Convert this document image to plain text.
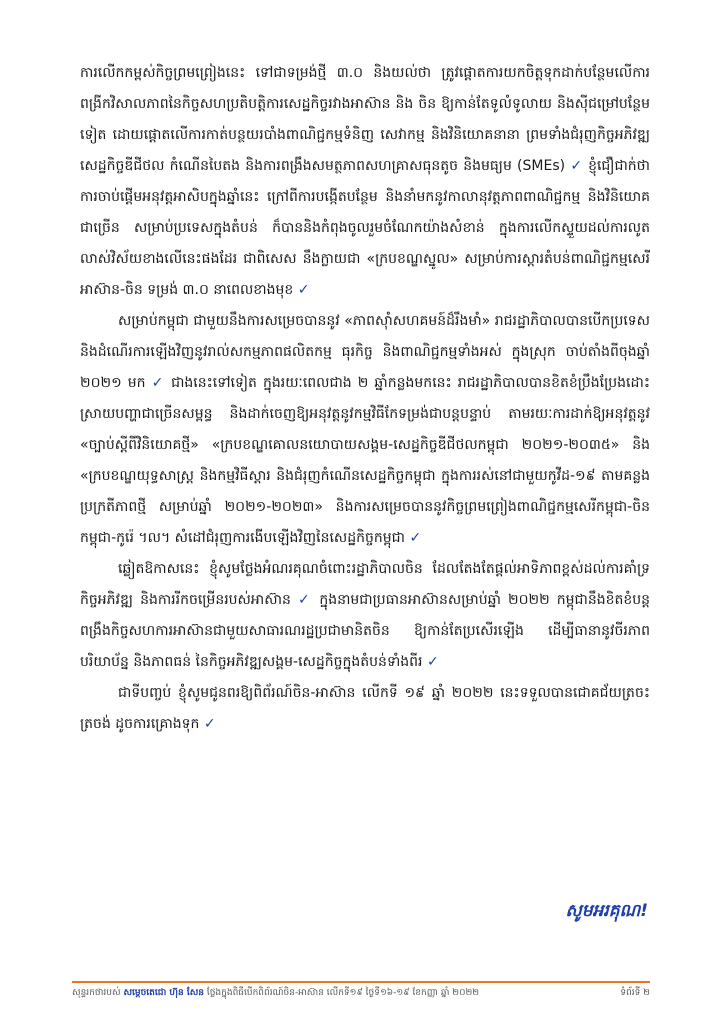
ការលើកកម្ពស់កិច្ចព្រមព្រៀងនេះ ទៅជាទម្រង់ថ្មី ៣.០ និងយល់ថា ត្រូវផ្តោតការយកចិត្តទុកដាក់បន្ថែមលើការពង្រីកវិសាលភាពនៃកិច្ចសហប្រតិបត្តិការសេដ្ឋកិច្ចរវាងអាស៊ាន និង ចិន ឱ្យកាន់តែទូលំទូលាយ និងស៊ីជម្រៅបន្ថែមទៀត ដោយផ្តោតលើការកាត់បន្ថយរបាំងពាណិជ្ជកម្មទំនិញ សេវាកម្ម និងវិនិយោគនានា ព្រមទាំងជំរុញកិច្ចអភិវឌ្ឍសេដ្ឋកិច្ចឌីជីថល កំណើនបៃតង និងការពង្រឹងសមត្ថភាពសហគ្រាសធុនតូច និងមធ្យម (SMEs) ✓ ខ្ញុំជឿជាក់ថា ការចាប់ផ្តើមអនុវត្តអាសិបក្នុងឆ្នាំនេះ ក្រៅពីការបង្កើតបន្ថែម និងនាំមកនូវកាលានុវត្តភាពពាណិជ្ជកម្ម និងវិនិយោគជាច្រើន សម្រាប់ប្រទេសក្នុងតំបន់ ក៏បាននិងកំពុងចូលរួមចំណែកយ៉ាងសំខាន់ ក្នុងការលើកស្ទួយដល់ការលូតលាស់វិស័យខាងលើនេះផងដែរ ជាពិសេស នឹងក្លាយជា «ក្របខណ្ឌស្នូល» សម្រាប់ការស្តារតំបន់ពាណិជ្ជកម្មសេរីអាស៊ាន-ចិន ទម្រង់ ៣.០ នាពេលខាងមុខ ✓

សម្រាប់កម្ពុជា ជាមួយនឹងការសម្រេចបាននូវ «ភាពស៊ាំសហគមន៍ដ៏រឹងមាំ» រាជរដ្ឋាភិបាលបានបើកប្រទេស និងដំណើរការឡើងវិញនូវរាល់សកម្មភាពផលិតកម្ម ធុរកិច្ច និងពាណិជ្ជកម្មទាំងអស់ ក្នុងស្រុក ចាប់តាំងពីចុងឆ្នាំ ២០២១ មក ✓ ជាងនេះទៅទៀត ក្នុងរយៈពេលជាង ២ ឆ្នាំកន្លងមកនេះ រាជរដ្ឋាភិបាលបានខិតខំប្រឹងប្រែងដោះស្រាយបញ្ហាជាច្រើនសម្ពន្ធ និងដាក់ចេញឱ្យអនុវត្តនូវកម្មវិធីកែទម្រង់ជាបន្តបន្ទាប់ តាមរយៈការដាក់ឱ្យអនុវត្តនូវ «ច្បាប់ស្តីពីវិនិយោគថ្មី» «ក្របខណ្ឌគោលនយោបាយសង្គម-សេដ្ឋកិច្ចឌីជីថលកម្ពុជា ២០២១-២០៣៥» និង «ក្របខណ្ឌយុទ្ធសាស្ត្រ និងកម្មវិធីស្តារ និងជំរុញកំណើនសេដ្ឋកិច្ចកម្ពុជា ក្នុងការរស់នៅជាមួយកូវីដ-១៩ តាមគន្លងប្រក្រតីភាពថ្មី សម្រាប់ឆ្នាំ ២០២១-២០២៣» និងការសម្រេចបាននូវកិច្ចព្រមព្រៀងពាណិជ្ជកម្មសេរីកម្ពុជា-ចិន កម្ពុជា-កូរ៉េ ។ល។ សំដៅជំរុញការងើបឡើងវិញនៃសេដ្ឋកិច្ចកម្ពុជា ✓

ឆ្លៀតឱកាសនេះ ខ្ញុំសូមថ្លែងអំណរគុណចំពោះរដ្ឋាភិបាលចិន ដែលតែងតែផ្តល់អាទិភាពខ្ពស់ដល់ការគាំទ្រកិច្ចអភិវឌ្ឍ និងការរីកចម្រើនរបស់អាស៊ាន ✓ ក្នុងនាមជាប្រធានអាស៊ានសម្រាប់ឆ្នាំ ២០២២ កម្ពុជានឹងខិតខំបន្តពង្រឹងកិច្ចសហការអាស៊ានជាមួយសាធារណរដ្ឋប្រជាមានិតចិន ឱ្យកាន់តែប្រសើរឡើង ដើម្បីធានានូវចីរភាព បរិយាប័ន្ន និងភាពធន់ នៃកិច្ចអភិវឌ្ឍសង្គម-សេដ្ឋកិច្ចក្នុងតំបន់ទាំងពីរ ✓

ជាទីបញ្ចប់ ខ្ញុំសូមជូនពរឱ្យពិព័រណ៍ចិន-អាស៊ាន លើកទី ១៩ ឆ្នាំ ២០២២ នេះទទួលបានជោគជ័យត្រចះត្រចង់ ដូចការគ្រោងទុក ✓

សូមអរគុណ!
សុន្ទរកថារបស់ សម្តេចតេជោ ហ៊ុន សែន ថ្លែងក្នុងពិធីបើកពិព័រណ៍ចិន-អាស៊ាន លើកទី១៩ ថ្ងៃទី១៦-១៩ ខែកញ្ញា ឆ្នាំ ២០២២	ទំព័រទី ២
